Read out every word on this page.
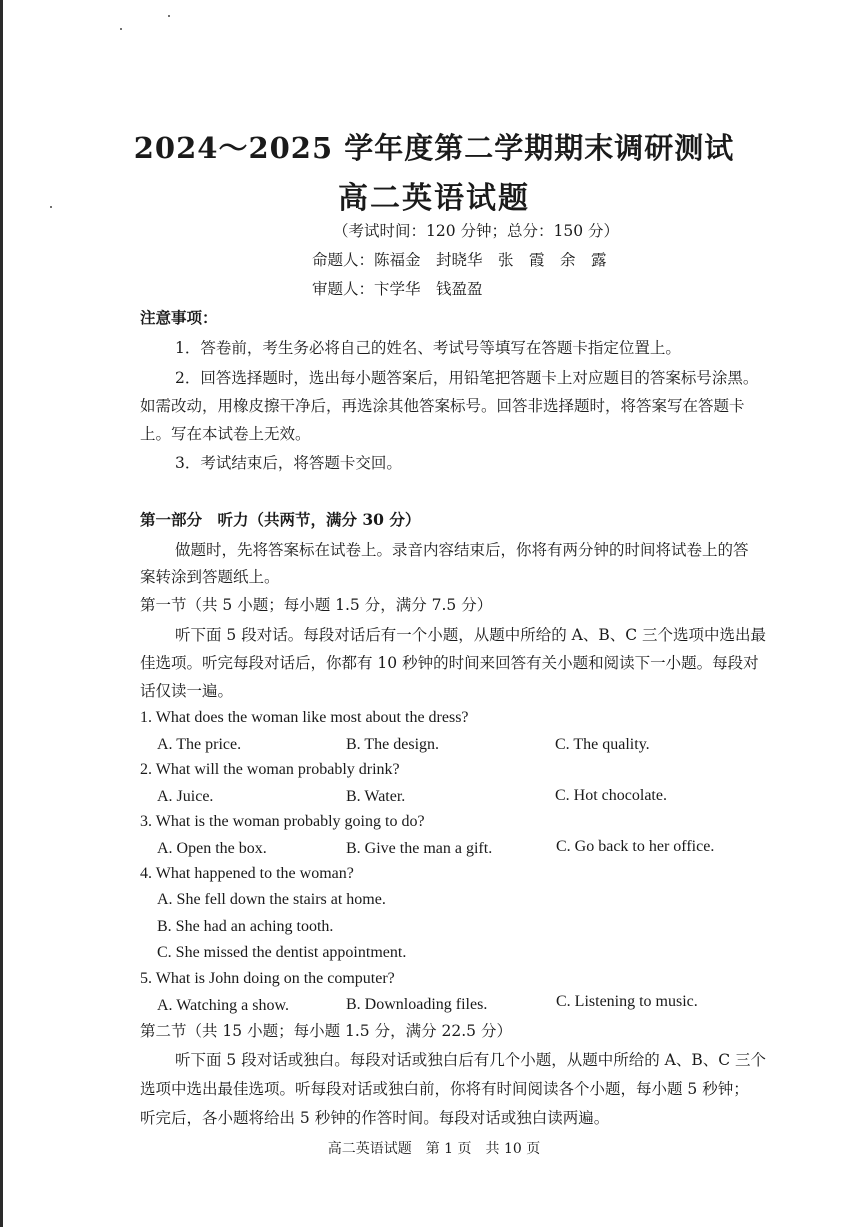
2024～2025 学年度第二学期期末调研测试
高二英语试题
（考试时间：120 分钟；总分：150 分）
命题人：陈福金　封晓华　张　霞　余　露
审题人：卞学华　钱盈盈
注意事项：
1．答卷前，考生务必将自己的姓名、考试号等填写在答题卡指定位置上。
2．回答选择题时，选出每小题答案后，用铅笔把答题卡上对应题目的答案标号涂黑。
如需改动，用橡皮擦干净后，再选涂其他答案标号。回答非选择题时，将答案写在答题卡
上。写在本试卷上无效。
3．考试结束后，将答题卡交回。
第一部分　听力（共两节，满分 30 分）
做题时，先将答案标在试卷上。录音内容结束后，你将有两分钟的时间将试卷上的答
案转涂到答题纸上。
第一节（共 5 小题；每小题 1.5 分，满分 7.5 分）
听下面 5 段对话。每段对话后有一个小题，从题中所给的 A、B、C 三个选项中选出最
佳选项。听完每段对话后，你都有 10 秒钟的时间来回答有关小题和阅读下一小题。每段对
话仅读一遍。
1. What does the woman like most about the dress?
A. The price.	B. The design.	C. The quality.
2. What will the woman probably drink?
A. Juice.	B. Water.	C. Hot chocolate.
3. What is the woman probably going to do?
A. Open the box.	B. Give the man a gift.	C. Go back to her office.
4. What happened to the woman?
A. She fell down the stairs at home.
B. She had an aching tooth.
C. She missed the dentist appointment.
5. What is John doing on the computer?
A. Watching a show.	B. Downloading files.	C. Listening to music.
第二节（共 15 小题；每小题 1.5 分，满分 22.5 分）
听下面 5 段对话或独白。每段对话或独白后有几个小题，从题中所给的 A、B、C 三个
选项中选出最佳选项。听每段对话或独白前，你将有时间阅读各个小题，每小题 5 秒钟；
听完后，各小题将给出 5 秒钟的作答时间。每段对话或独白读两遍。
高二英语试题　第 1 页　共 10 页
